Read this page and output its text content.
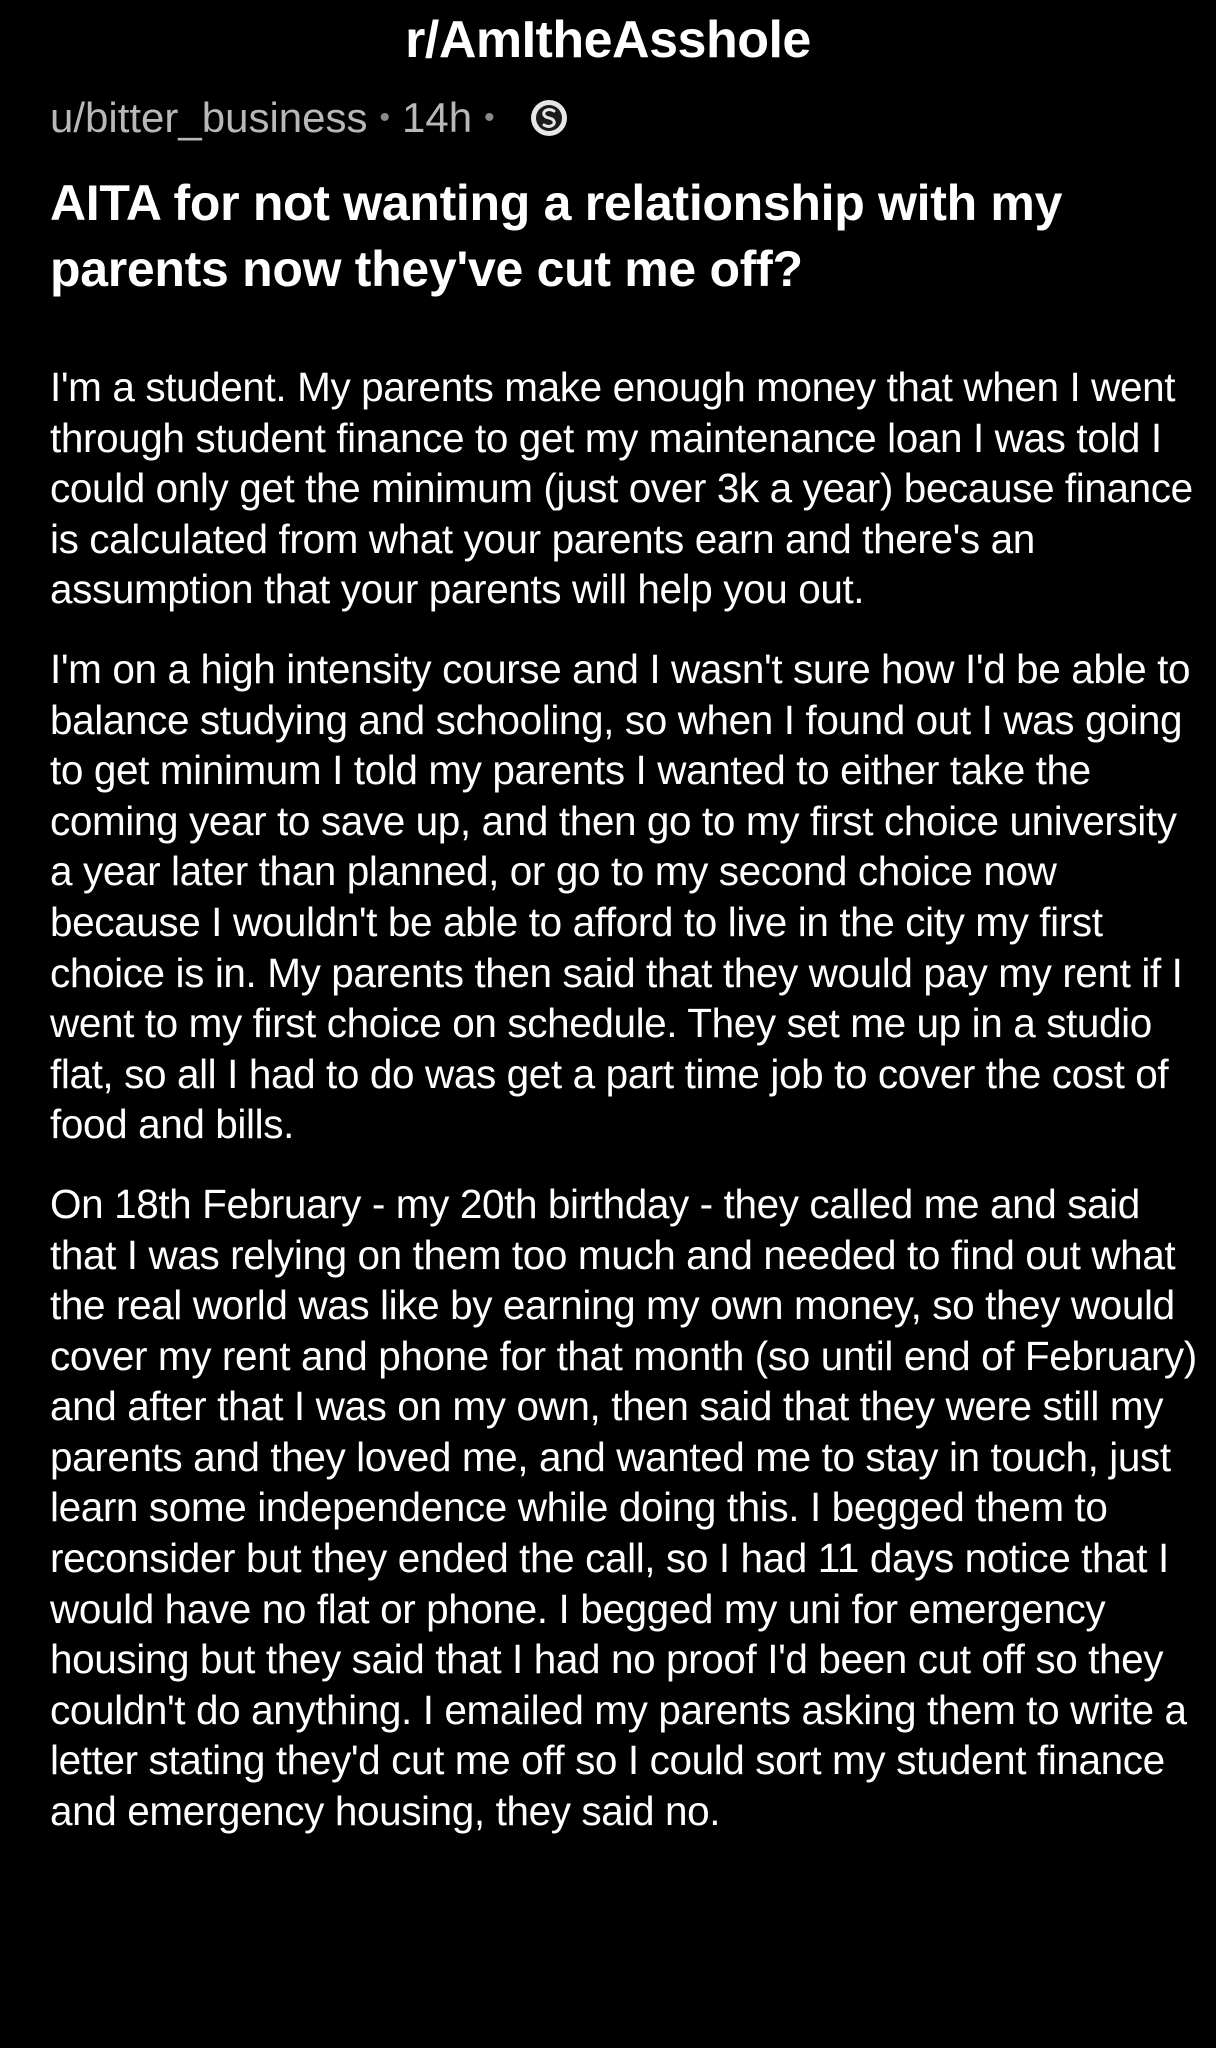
r/AmItheAsshole
u/bitter_business • 14h •
AITA for not wanting a relationship with my parents now they've cut me off?

I'm a student. My parents make enough money that when I went through student finance to get my maintenance loan I was told I could only get the minimum (just over 3k a year) because finance is calculated from what your parents earn and there's an assumption that your parents will help you out.

I'm on a high intensity course and I wasn't sure how I'd be able to balance studying and schooling, so when I found out I was going to get minimum I told my parents I wanted to either take the coming year to save up, and then go to my first choice university a year later than planned, or go to my second choice now because I wouldn't be able to afford to live in the city my first choice is in. My parents then said that they would pay my rent if I went to my first choice on schedule. They set me up in a studio flat, so all I had to do was get a part time job to cover the cost of food and bills.

On 18th February - my 20th birthday - they called me and said that I was relying on them too much and needed to find out what the real world was like by earning my own money, so they would cover my rent and phone for that month (so until end of February) and after that I was on my own, then said that they were still my parents and they loved me, and wanted me to stay in touch, just learn some independence while doing this. I begged them to reconsider but they ended the call, so I had 11 days notice that I would have no flat or phone. I begged my uni for emergency housing but they said that I had no proof I'd been cut off so they couldn't do anything. I emailed my parents asking them to write a letter stating they'd cut me off so I could sort my student finance and emergency housing, they said no.
